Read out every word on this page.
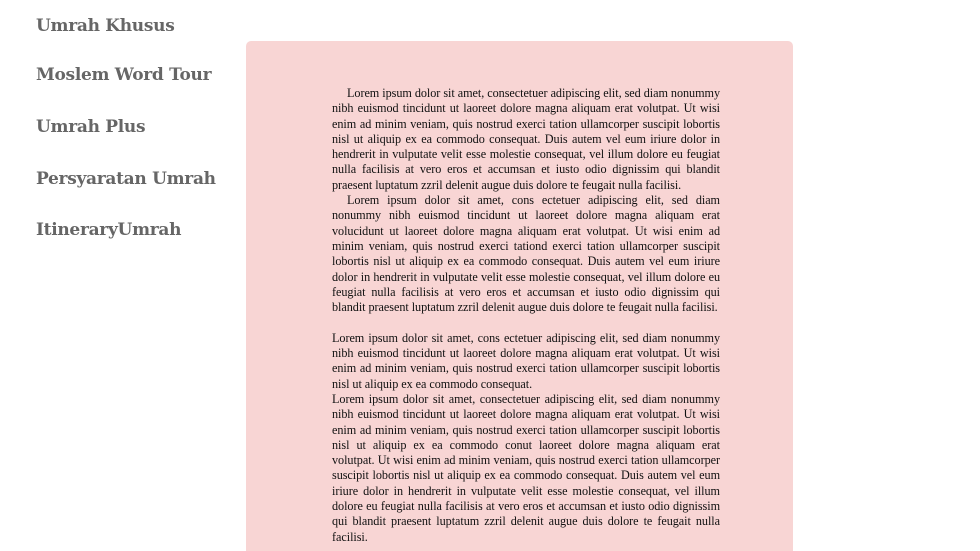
Umrah Khusus
Moslem Word Tour
Umrah Plus
Persyaratan Umrah
ItineraryUmrah

Lorem ipsum dolor sit amet, consectetuer adipiscing elit, sed diam nonummy nibh euismod tincidunt ut laoreet dolore magna aliquam erat volutpat. Ut wisi enim ad minim veniam, quis nostrud exerci tation ullamcorper suscipit lobortis nisl ut aliquip ex ea commodo consequat. Duis autem vel eum iriure dolor in hendrerit in vulputate velit esse molestie consequat, vel illum dolore eu feugiat nulla facilisis at vero eros et accumsan et iusto odio dignissim qui blandit praesent luptatum zzril delenit augue duis dolore te feugait nulla facilisi.

Lorem ipsum dolor sit amet, cons ectetuer adipiscing elit, sed diam nonummy nibh euismod tincidunt ut laoreet dolore magna aliquam erat volucidunt ut laoreet dolore magna aliquam erat volutpat. Ut wisi enim ad minim veniam, quis nostrud exerci tationd exerci tation ullamcorper suscipit lobortis nisl ut aliquip ex ea commodo consequat. Duis autem vel eum iriure dolor in hendrerit in vulputate velit esse molestie consequat, vel illum dolore eu feugiat nulla facilisis at vero eros et accumsan et iusto odio dignissim qui blandit praesent luptatum zzril delenit augue duis dolore te feugait nulla facilisi.

Lorem ipsum dolor sit amet, cons ectetuer adipiscing elit, sed diam nonummy nibh euismod tincidunt ut laoreet dolore magna aliquam erat volutpat. Ut wisi enim ad minim veniam, quis nostrud exerci tation ullamcorper suscipit lobortis nisl ut aliquip ex ea commodo consequat.

Lorem ipsum dolor sit amet, consectetuer adipiscing elit, sed diam nonummy nibh euismod tincidunt ut laoreet dolore magna aliquam erat volutpat. Ut wisi enim ad minim veniam, quis nostrud exerci tation ullamcorper suscipit lobortis nisl ut aliquip ex ea commodo conut laoreet dolore magna aliquam erat volutpat. Ut wisi enim ad minim veniam, quis nostrud exerci tation ullamcorper suscipit lobortis nisl ut aliquip ex ea commodo consequat. Duis autem vel eum iriure dolor in hendrerit in vulputate velit esse molestie consequat, vel illum dolore eu feugiat nulla facilisis at vero eros et accumsan et iusto odio dignissim qui blandit praesent luptatum zzril delenit augue duis dolore te feugait nulla facilisi.
